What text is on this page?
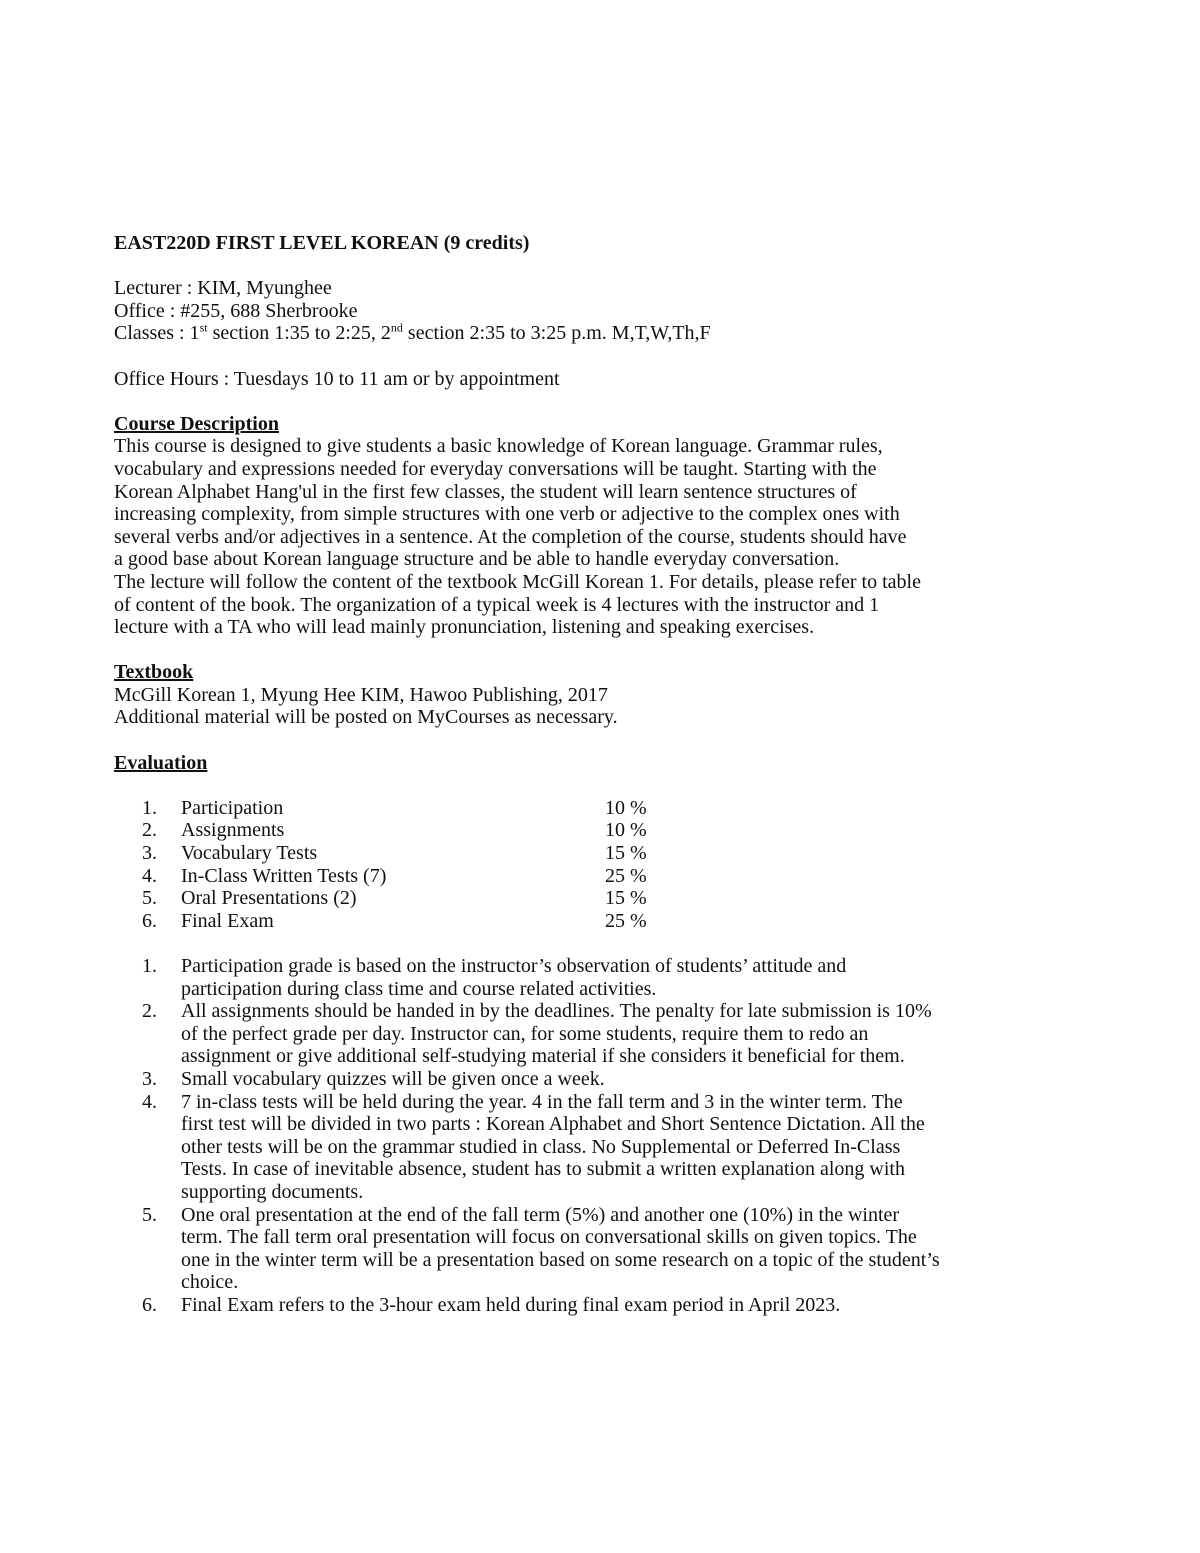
EAST220D FIRST LEVEL KOREAN (9 credits)
Lecturer : KIM, Myunghee
Office : #255, 688 Sherbrooke
Classes : 1st section 1:35 to 2:25, 2nd section 2:35 to 3:25 p.m. M,T,W,Th,F
Office Hours : Tuesdays 10 to 11 am or by appointment
Course Description
This course is designed to give students a basic knowledge of Korean language. Grammar rules,
vocabulary and expressions needed for everyday conversations will be taught. Starting with the
Korean Alphabet Hang'ul in the first few classes, the student will learn sentence structures of
increasing complexity, from simple structures with one verb or adjective to the complex ones with
several verbs and/or adjectives in a sentence. At the completion of the course, students should have
a good base about Korean language structure and be able to handle everyday conversation.
The lecture will follow the content of the textbook McGill Korean 1. For details, please refer to table
of content of the book. The organization of a typical week is 4 lectures with the instructor and 1
lecture with a TA who will lead mainly pronunciation, listening and speaking exercises.
Textbook
McGill Korean 1, Myung Hee KIM, Hawoo Publishing, 2017
Additional material will be posted on MyCourses as necessary.
Evaluation
1.	Participation	10 %
2.	Assignments	10 %
3.	Vocabulary Tests	15 %
4.	In-Class Written Tests (7)	25 %
5.	Oral Presentations (2)	15 %
6.	Final Exam	25 %
1.	Participation grade is based on the instructor’s observation of students’ attitude and
participation during class time and course related activities.
2.	All assignments should be handed in by the deadlines. The penalty for late submission is 10%
of the perfect grade per day. Instructor can, for some students, require them to redo an
assignment or give additional self-studying material if she considers it beneficial for them.
3.	Small vocabulary quizzes will be given once a week.
4.	7 in-class tests will be held during the year. 4 in the fall term and 3 in the winter term. The
first test will be divided in two parts : Korean Alphabet and Short Sentence Dictation. All the
other tests will be on the grammar studied in class. No Supplemental or Deferred In-Class
Tests. In case of inevitable absence, student has to submit a written explanation along with
supporting documents.
5.	One oral presentation at the end of the fall term (5%) and another one (10%) in the winter
term. The fall term oral presentation will focus on conversational skills on given topics. The
one in the winter term will be a presentation based on some research on a topic of the student’s
choice.
6.	Final Exam refers to the 3-hour exam held during final exam period in April 2023.
